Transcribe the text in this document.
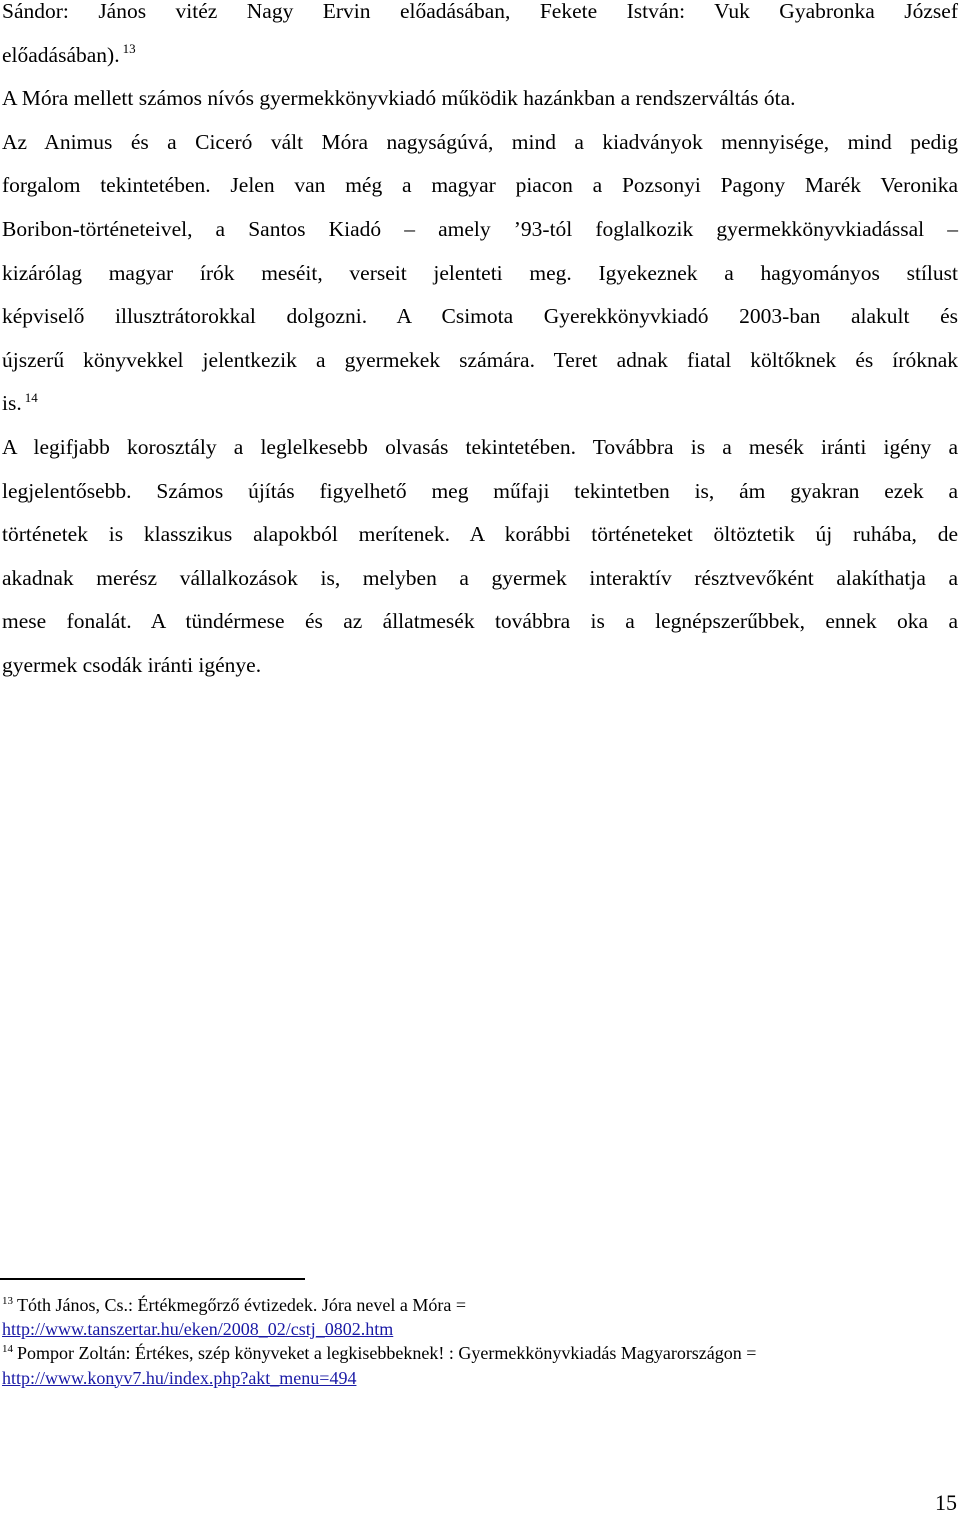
Sándor: János vitéz Nagy Ervin előadásában, Fekete István: Vuk Gyabronka József
előadásában). $^{13}$
A Móra mellett számos nívós gyermekkönyvkiadó működik hazánkban a rendszerváltás óta.
Az Animus és a Ciceró vált Móra nagyságúvá, mind a kiadványok mennyisége, mind pedig
forgalom tekintetében. Jelen van még a magyar piacon a Pozsonyi Pagony Marék Veronika
Boribon-történeteivel, a Santos Kiadó – amely ’93-tól foglalkozik gyermekkönyvkiadással –
kizárólag magyar írók meséit, verseit jelenteti meg. Igyekeznek a hagyományos stílust
képviselő illusztrátorokkal dolgozni. A Csimota Gyerekkönyvkiadó 2003-ban alakult és
újszerű könyvekkel jelentkezik a gyermekek számára. Teret adnak fiatal költőknek és íróknak
is. $^{14}$
A legifjabb korosztály a leglelkesebb olvasás tekintetében. Továbbra is a mesék iránti igény a
legjelentősebb. Számos újítás figyelhető meg műfaji tekintetben is, ám gyakran ezek a
történetek is klasszikus alapokból merítenek. A korábbi történeteket öltöztetik új ruhába, de
akadnak merész vállalkozások is, melyben a gyermek interaktív résztvevőként alakíthatja a
mese fonalát. A tündérmese és az állatmesék továbbra is a legnépszerűbbek, ennek oka a
gyermek csodák iránti igénye.
$^{13}$ Tóth János, Cs.: Értékmegőrző évtizedek. Jóra nevel a Móra =
http://www.tanszertar.hu/eken/2008_02/cstj_0802.htm
$^{14}$ Pompor Zoltán: Értékes, szép könyveket a legkisebbeknek! : Gyermekkönyvkiadás Magyarországon =
http://www.konyv7.hu/index.php?akt_menu=494
15
